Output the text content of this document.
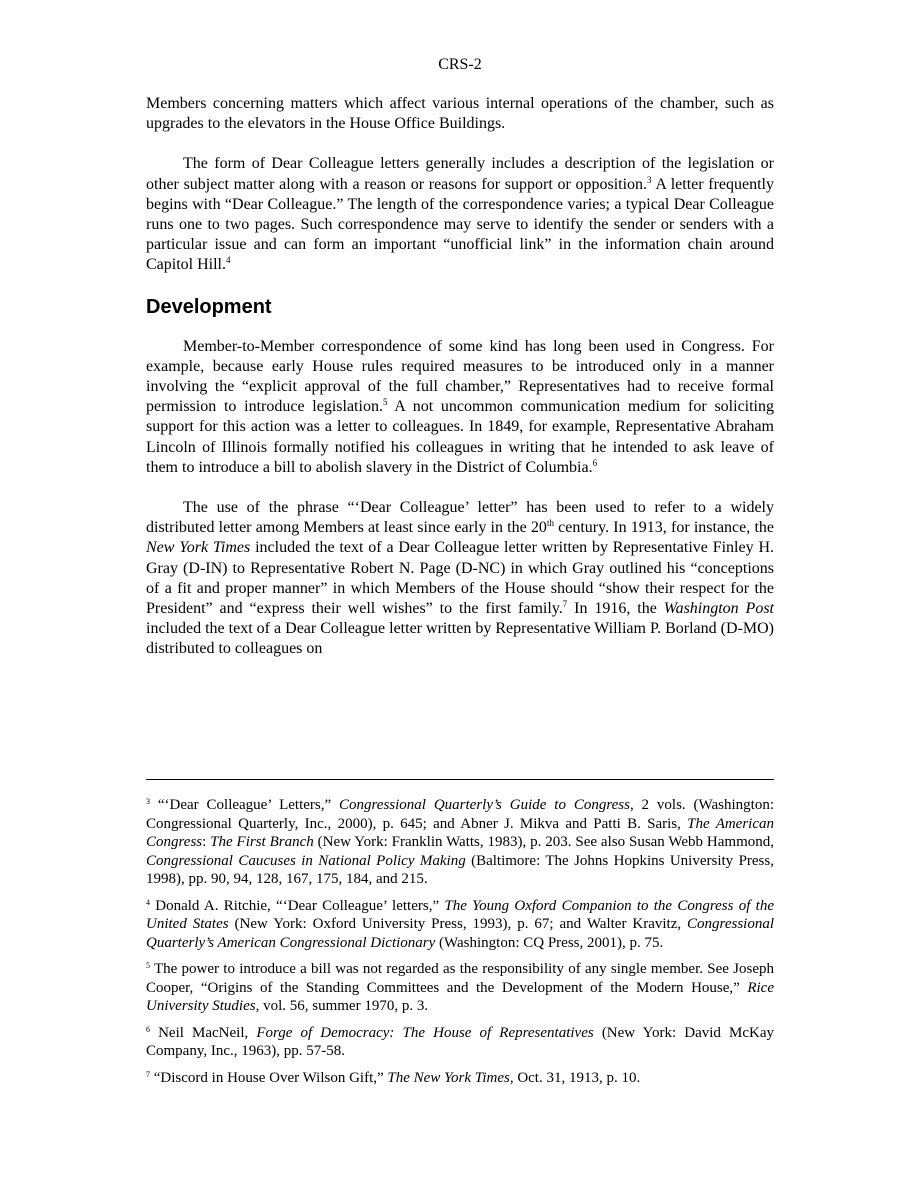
CRS-2

Members concerning matters which affect various internal operations of the chamber, such as upgrades to the elevators in the House Office Buildings.

The form of Dear Colleague letters generally includes a description of the legislation or other subject matter along with a reason or reasons for support or opposition.$^3$ A letter frequently begins with “Dear Colleague.” The length of the correspondence varies; a typical Dear Colleague runs one to two pages. Such correspondence may serve to identify the sender or senders with a particular issue and can form an important “unofficial link” in the information chain around Capitol Hill.$^4$

Development

Member-to-Member correspondence of some kind has long been used in Congress. For example, because early House rules required measures to be introduced only in a manner involving the “explicit approval of the full chamber,” Representatives had to receive formal permission to introduce legislation.$^5$ A not uncommon communication medium for soliciting support for this action was a letter to colleagues. In 1849, for example, Representative Abraham Lincoln of Illinois formally notified his colleagues in writing that he intended to ask leave of them to introduce a bill to abolish slavery in the District of Columbia.$^6$

The use of the phrase “‘Dear Colleague’ letter” has been used to refer to a widely distributed letter among Members at least since early in the 20th century. In 1913, for instance, the New York Times included the text of a Dear Colleague letter written by Representative Finley H. Gray (D-IN) to Representative Robert N. Page (D-NC) in which Gray outlined his “conceptions of a fit and proper manner” in which Members of the House should “show their respect for the President” and “express their well wishes” to the first family.$^7$ In 1916, the Washington Post included the text of a Dear Colleague letter written by Representative William P. Borland (D-MO) distributed to colleagues on

$^3$ “‘Dear Colleague’ Letters,” Congressional Quarterly’s Guide to Congress, 2 vols. (Washington: Congressional Quarterly, Inc., 2000), p. 645; and Abner J. Mikva and Patti B. Saris, The American Congress: The First Branch (New York: Franklin Watts, 1983), p. 203. See also Susan Webb Hammond, Congressional Caucuses in National Policy Making (Baltimore: The Johns Hopkins University Press, 1998), pp. 90, 94, 128, 167, 175, 184, and 215.

$^4$ Donald A. Ritchie, “‘Dear Colleague’ letters,” The Young Oxford Companion to the Congress of the United States (New York: Oxford University Press, 1993), p. 67; and Walter Kravitz, Congressional Quarterly’s American Congressional Dictionary (Washington: CQ Press, 2001), p. 75.

$^5$ The power to introduce a bill was not regarded as the responsibility of any single member. See Joseph Cooper, “Origins of the Standing Committees and the Development of the Modern House,” Rice University Studies, vol. 56, summer 1970, p. 3.

$^6$ Neil MacNeil, Forge of Democracy: The House of Representatives (New York: David McKay Company, Inc., 1963), pp. 57-58.

$^7$ “Discord in House Over Wilson Gift,” The New York Times, Oct. 31, 1913, p. 10.
